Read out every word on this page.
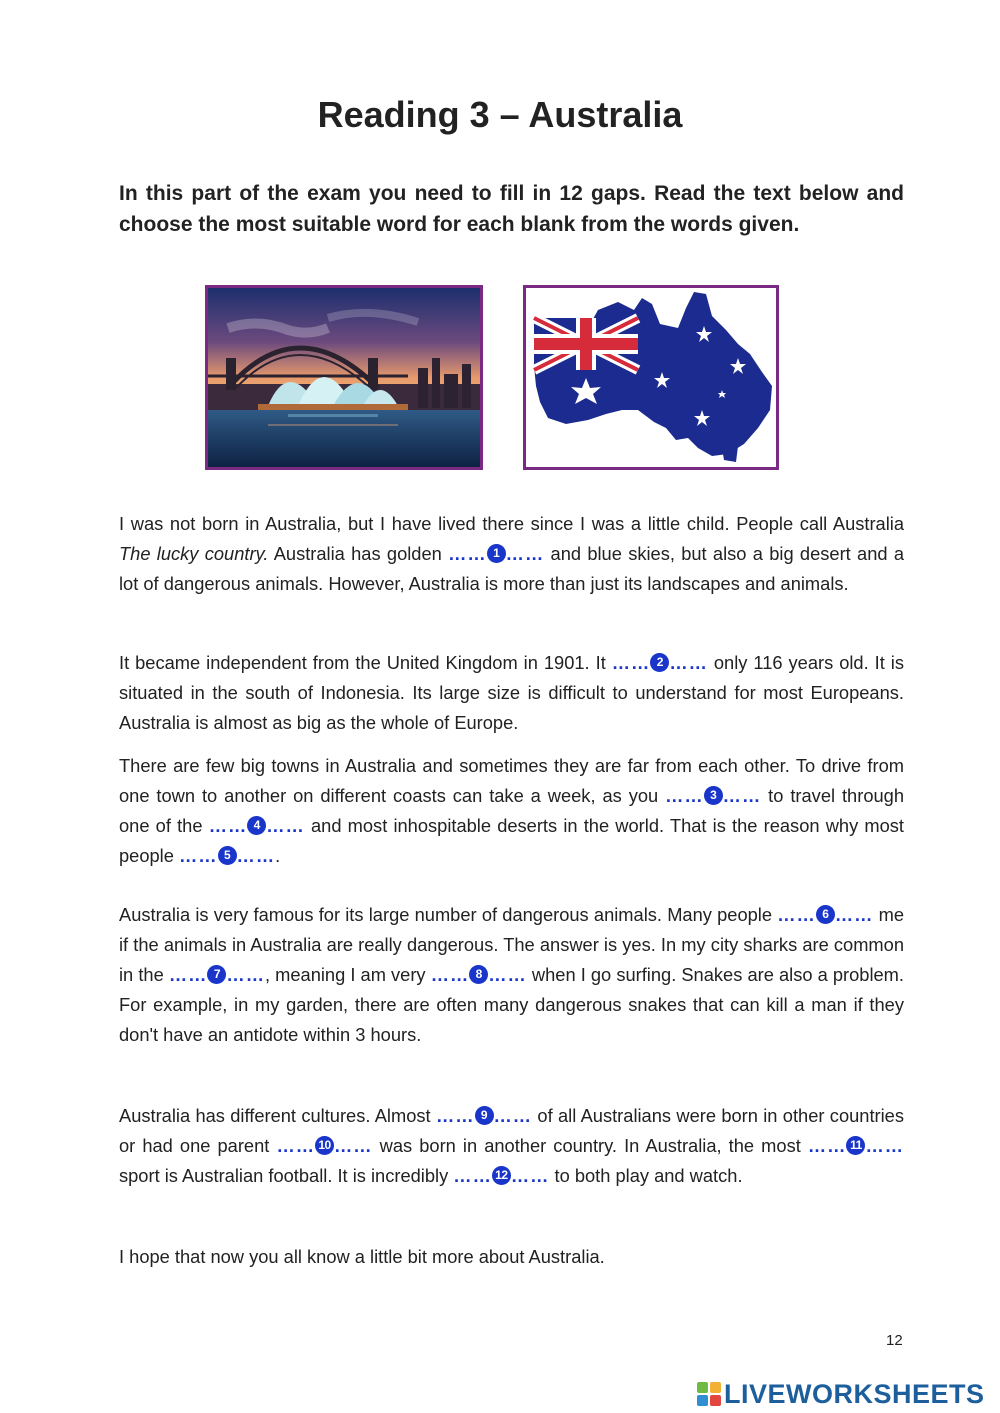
Reading 3 – Australia

In this part of the exam you need to fill in 12 gaps. Read the text below and choose the most suitable word for each blank from the words given.

I was not born in Australia, but I have lived there since I was a little child. People call Australia The lucky country. Australia has golden …… 1 …… and blue skies, but also a big desert and a lot of dangerous animals. However, Australia is more than just its landscapes and animals.

It became independent from the United Kingdom in 1901. It …… 2 …… only 116 years old. It is situated in the south of Indonesia. Its large size is difficult to understand for most Europeans. Australia is almost as big as the whole of Europe.

There are few big towns in Australia and sometimes they are far from each other. To drive from one town to another on different coasts can take a week, as you …… 3 …… to travel through one of the …… 4 …… and most inhospitable deserts in the world. That is the reason why most people …… 5 …….

Australia is very famous for its large number of dangerous animals. Many people …… 6 …… me if the animals in Australia are really dangerous. The answer is yes. In my city sharks are common in the …… 7 ……, meaning I am very …… 8 …… when I go surfing. Snakes are also a problem. For example, in my garden, there are often many dangerous snakes that can kill a man if they don't have an antidote within 3 hours.

Australia has different cultures. Almost …… 9 …… of all Australians were born in other countries or had one parent …… 10 …… was born in another country. In Australia, the most …… 11 …… sport is Australian football. It is incredibly …… 12 …… to both play and watch.

I hope that now you all know a little bit more about Australia.

12
LIVEWORKSHEETS
